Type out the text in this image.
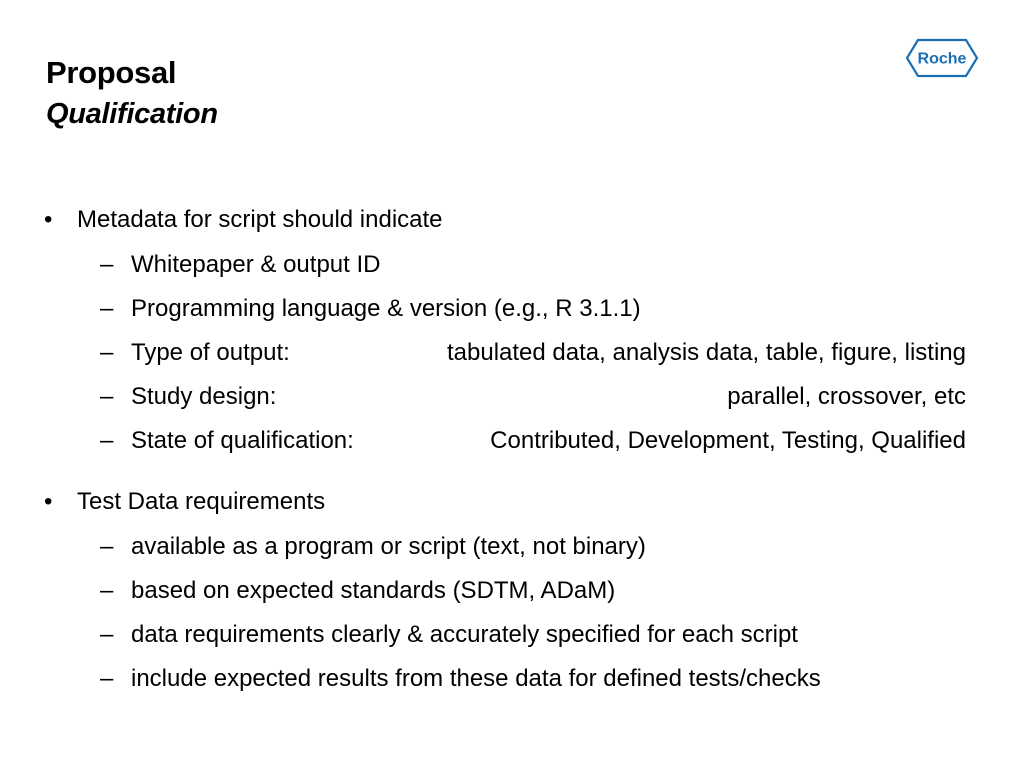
Proposal
Qualification
Roche
• Metadata for script should indicate
– Whitepaper & output ID
– Programming language & version (e.g., R 3.1.1)
– Type of output:	tabulated data, analysis data, table, figure, listing
– Study design:	parallel, crossover, etc
– State of qualification:	Contributed, Development, Testing, Qualified
• Test Data requirements
– available as a program or script (text, not binary)
– based on expected standards (SDTM, ADaM)
– data requirements clearly & accurately specified for each script
– include expected results from these data for defined tests/checks
